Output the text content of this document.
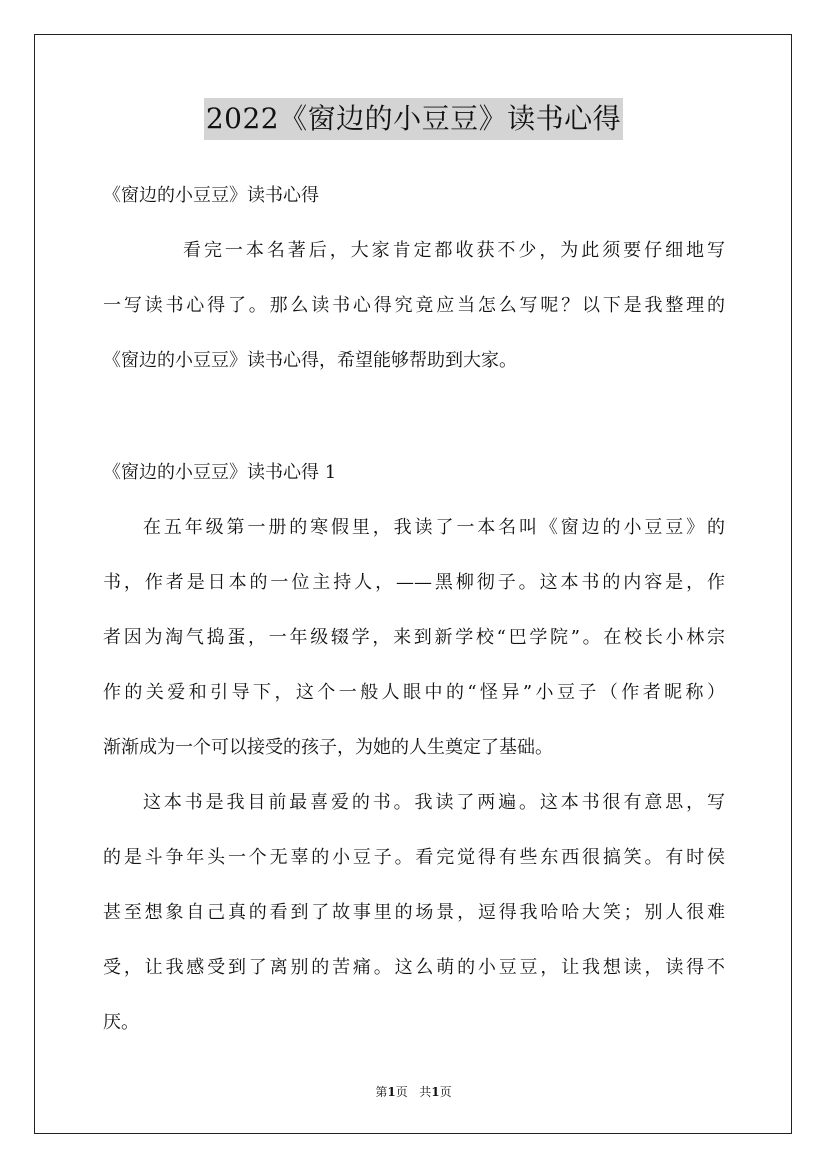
2022《窗边的小豆豆》读书心得
《窗边的小豆豆》读书心得
看完一本名著后，大家肯定都收获不少，为此须要仔细地写
一写读书心得了。那么读书心得究竟应当怎么写呢？以下是我整理的
《窗边的小豆豆》读书心得，希望能够帮助到大家。
《窗边的小豆豆》读书心得 1
在五年级第一册的寒假里，我读了一本名叫《窗边的小豆豆》的
书，作者是日本的一位主持人，——黑柳彻子。这本书的内容是，作
者因为淘气捣蛋，一年级辍学，来到新学校“巴学院”。在校长小林宗
作的关爱和引导下，这个一般人眼中的“怪异”小豆子（作者昵称）
渐渐成为一个可以接受的孩子，为她的人生奠定了基础。
这本书是我目前最喜爱的书。我读了两遍。这本书很有意思，写
的是斗争年头一个无辜的小豆子。看完觉得有些东西很搞笑。有时侯
甚至想象自己真的看到了故事里的场景，逗得我哈哈大笑；别人很难
受，让我感受到了离别的苦痛。这么萌的小豆豆，让我想读，读得不
厌。
第1页 共1页
